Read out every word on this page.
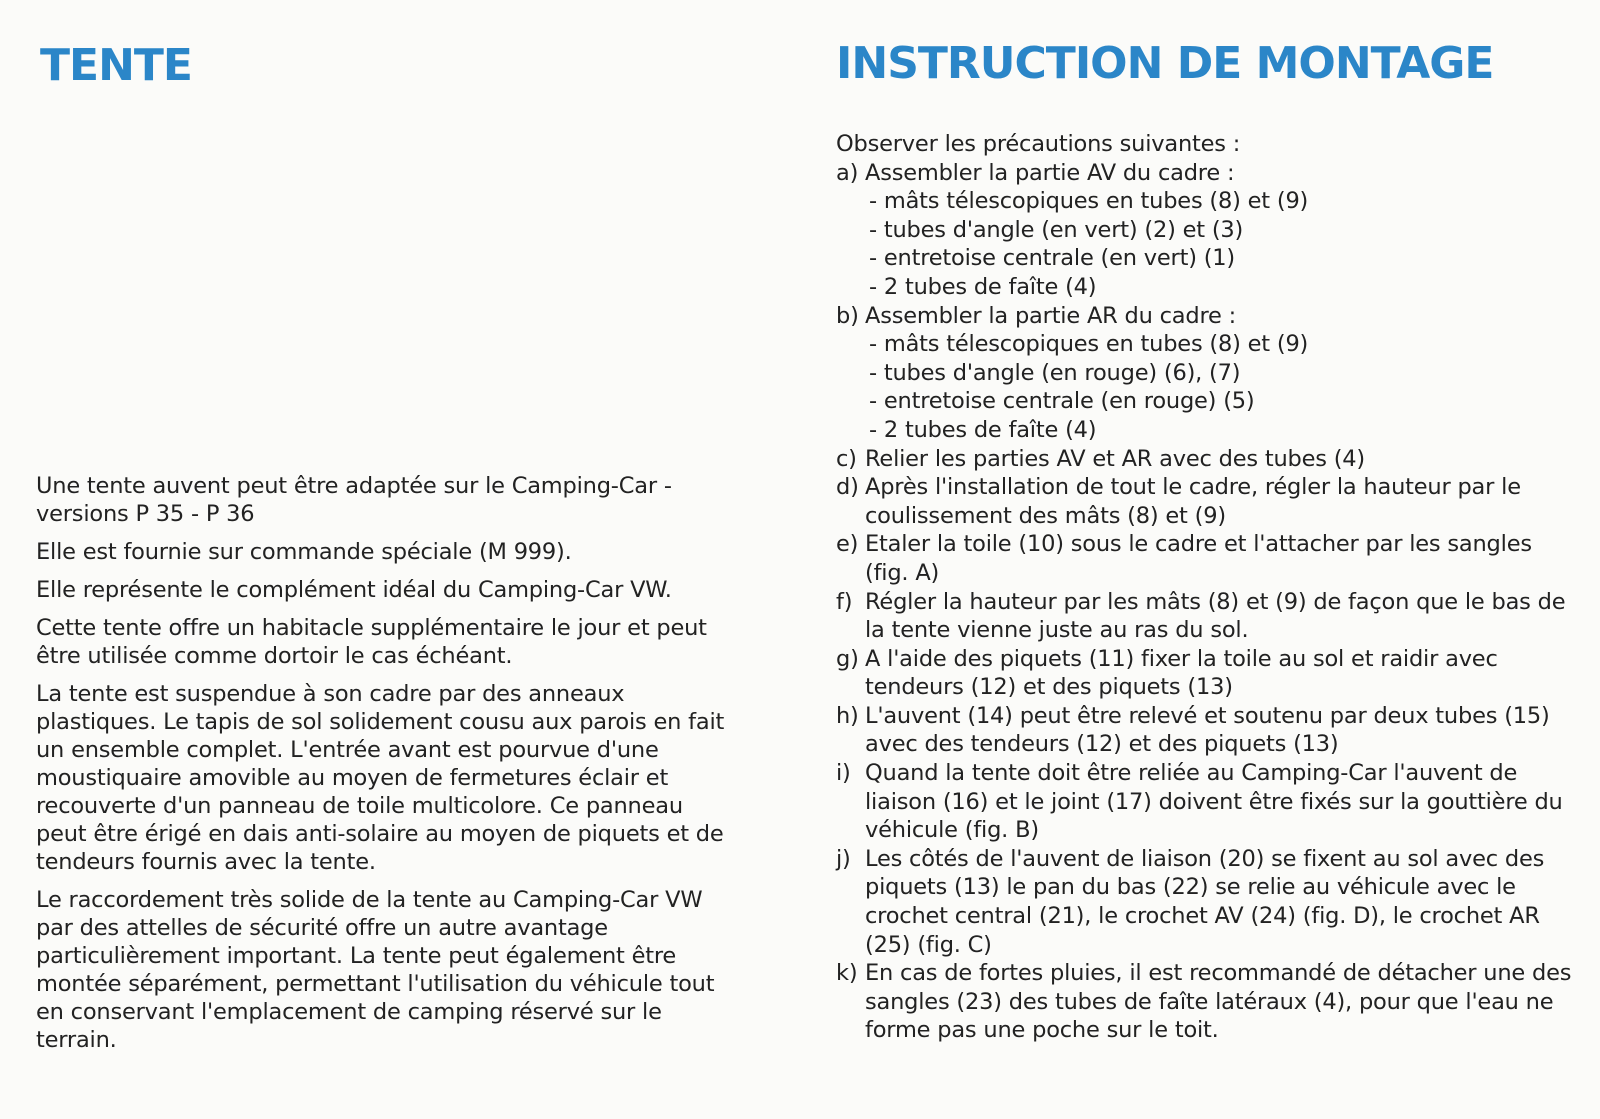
TENTE	INSTRUCTION DE MONTAGE

Une tente auvent peut être adaptée sur le Camping-Car - versions P 35 - P 36

Elle est fournie sur commande spéciale (M 999).

Elle représente le complément idéal du Camping-Car VW.

Cette tente offre un habitacle supplémentaire le jour et peut être utilisée comme dortoir le cas échéant.

La tente est suspendue à son cadre par des anneaux plastiques. Le tapis de sol solidement cousu aux parois en fait un ensemble complet. L'entrée avant est pourvue d'une moustiquaire amovible au moyen de fermetures éclair et recouverte d'un panneau de toile multicolore. Ce panneau peut être érigé en dais anti-solaire au moyen de piquets et de tendeurs fournis avec la tente.

Le raccordement très solide de la tente au Camping-Car VW par des attelles de sécurité offre un autre avantage particulièrement important. La tente peut également être montée séparément, permettant l'utilisation du véhicule tout en conservant l'emplacement de camping réservé sur le terrain.

Observer les précautions suivantes :
a) Assembler la partie AV du cadre :
- mâts télescopiques en tubes (8) et (9)
- tubes d'angle (en vert) (2) et (3)
- entretoise centrale (en vert) (1)
- 2 tubes de faîte (4)
b) Assembler la partie AR du cadre :
- mâts télescopiques en tubes (8) et (9)
- tubes d'angle (en rouge) (6), (7)
- entretoise centrale (en rouge) (5)
- 2 tubes de faîte (4)
c) Relier les parties AV et AR avec des tubes (4)
d) Après l'installation de tout le cadre, régler la hauteur par le coulissement des mâts (8) et (9)
e) Etaler la toile (10) sous le cadre et l'attacher par les sangles (fig. A)
f) Régler la hauteur par les mâts (8) et (9) de façon que le bas de la tente vienne juste au ras du sol.
g) A l'aide des piquets (11) fixer la toile au sol et raidir avec tendeurs (12) et des piquets (13)
h) L'auvent (14) peut être relevé et soutenu par deux tubes (15) avec des tendeurs (12) et des piquets (13)
i) Quand la tente doit être reliée au Camping-Car l'auvent de liaison (16) et le joint (17) doivent être fixés sur la gouttière du véhicule (fig. B)
j) Les côtés de l'auvent de liaison (20) se fixent au sol avec des piquets (13) le pan du bas (22) se relie au véhicule avec le crochet central (21), le crochet AV (24) (fig. D), le crochet AR (25) (fig. C)
k) En cas de fortes pluies, il est recommandé de détacher une des sangles (23) des tubes de faîte latéraux (4), pour que l'eau ne forme pas une poche sur le toit.
